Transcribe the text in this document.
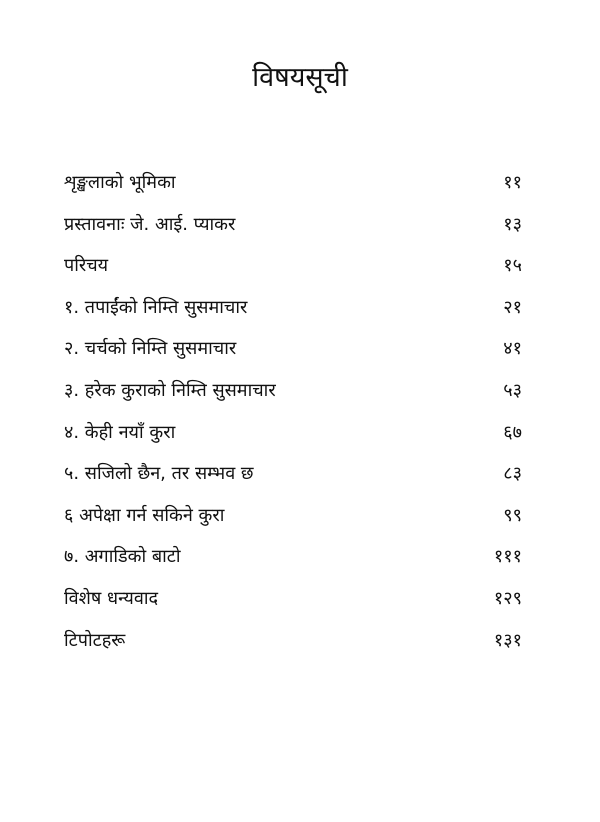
विषयसूची
शृङ्खलाको भूमिका	११
प्रस्तावनाः जे. आई. प्याकर	१३
परिचय	१५
१. तपाईंको निम्ति सुसमाचार	२१
२. चर्चको निम्ति सुसमाचार	४१
३. हरेक कुराको निम्ति सुसमाचार	५३
४. केही नयाँ कुरा	६७
५. सजिलो छैन, तर सम्भव छ	८३
६ अपेक्षा गर्न सकिने कुरा	९९
७. अगाडिको बाटो	१११
विशेष धन्यवाद	१२९
टिपोटहरू	१३१
